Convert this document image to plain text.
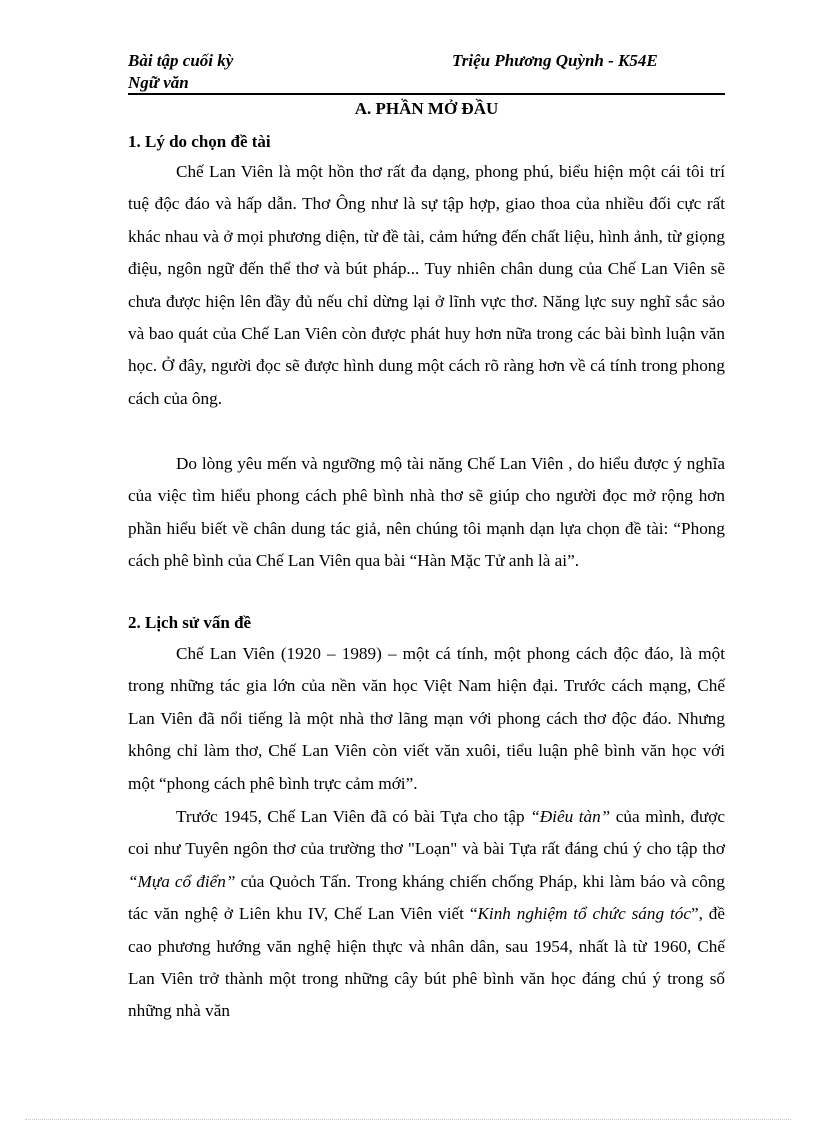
Bài tập cuối kỳ
Ngữ văn
Triệu Phương Quỳnh - K54E
A. PHẦN MỞ ĐẦU
1. Lý do chọn đề tài
Chế Lan Viên là một hồn thơ rất đa dạng, phong phú, biểu hiện một cái tôi trí tuệ độc đáo và hấp dẫn. Thơ Ông như là sự tập hợp, giao thoa của nhiều đối cực rất khác nhau và ở mọi phương diện, từ đề tài, cảm hứng đến chất liệu, hình ảnh, từ giọng điệu, ngôn ngữ đến thể thơ và bút pháp... Tuy nhiên chân dung của Chế Lan Viên sẽ chưa được hiện lên đầy đủ nếu chỉ dừng lại ở lĩnh vực thơ. Năng lực suy nghĩ sắc sảo và bao quát của Chế Lan Viên còn được phát huy hơn nữa trong các bài bình luận văn học. Ở đây, người đọc sẽ được hình dung một cách rõ ràng hơn về cá tính trong phong cách của ông.
Do lòng yêu mến và ngưỡng mộ tài năng Chế Lan Viên , do hiểu được ý nghĩa của việc tìm hiểu phong cách phê bình nhà thơ sẽ giúp cho người đọc mở rộng hơn phần hiểu biết về chân dung tác giả, nên chúng tôi mạnh dạn lựa chọn đề tài: “Phong cách phê bình của Chế Lan Viên qua bài “Hàn Mặc Tử anh là ai”.
2. Lịch sử vấn đề
Chế Lan Viên (1920 – 1989) – một cá tính, một phong cách độc đáo, là một trong những tác gia lớn của nền văn học Việt Nam hiện đại. Trước cách mạng, Chế Lan Viên đã nổi tiếng là một nhà thơ lãng mạn với phong cách thơ độc đáo. Nhưng không chỉ làm thơ, Chế Lan Viên còn viết văn xuôi, tiểu luận phê bình văn học với một “phong cách phê bình trực cảm mới”.
Trước 1945, Chế Lan Viên đã có bài Tựa cho tập “Điêu tàn” của mình, được coi như Tuyên ngôn thơ của trường thơ "Loạn" và bài Tựa rất đáng chú ý cho tập thơ “Mựa cổ điển” của Quỏch Tấn. Trong kháng chiến chống Pháp, khi làm báo và công tác văn nghệ ở Liên khu IV, Chế Lan Viên viết “Kinh nghiệm tổ chức sáng tóc”, đề cao phương hướng văn nghệ hiện thực và nhân dân, sau 1954, nhất là từ 1960, Chế Lan Viên trở thành một trong những cây bút phê bình văn học đáng chú ý trong số những nhà văn
